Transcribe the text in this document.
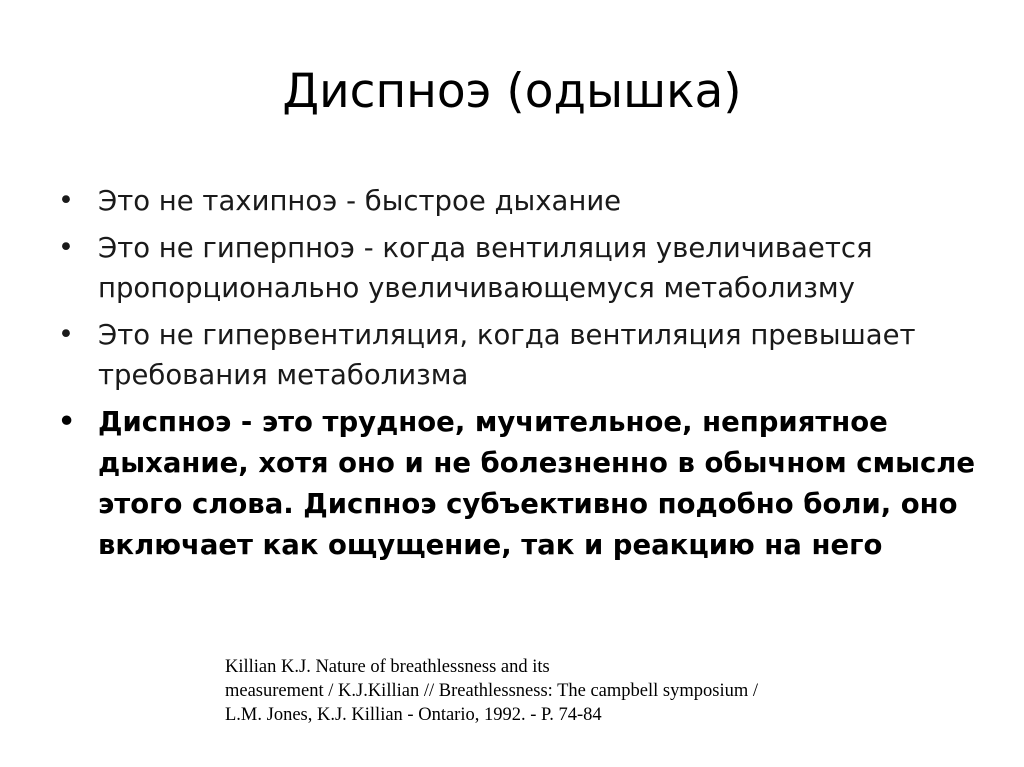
Диспноэ (одышка)
• Это не тахипноэ - быстрое дыхание
• Это не гиперпноэ - когда вентиляция увеличивается пропорционально увеличивающемуся метаболизму
• Это не гипервентиляция, когда вентиляция превышает требования метаболизма
• Диспноэ - это трудное, мучительное, неприятное дыхание, хотя оно и не болезненно в обычном смысле этого слова. Диспноэ субъективно подобно боли, оно включает как ощущение, так и реакцию на него
Killian K.J. Nature of breathlessness and its
measurement / K.J.Killian // Breathlessness: The campbell symposium /
L.M. Jones, K.J. Killian - Ontario, 1992. - P. 74-84
